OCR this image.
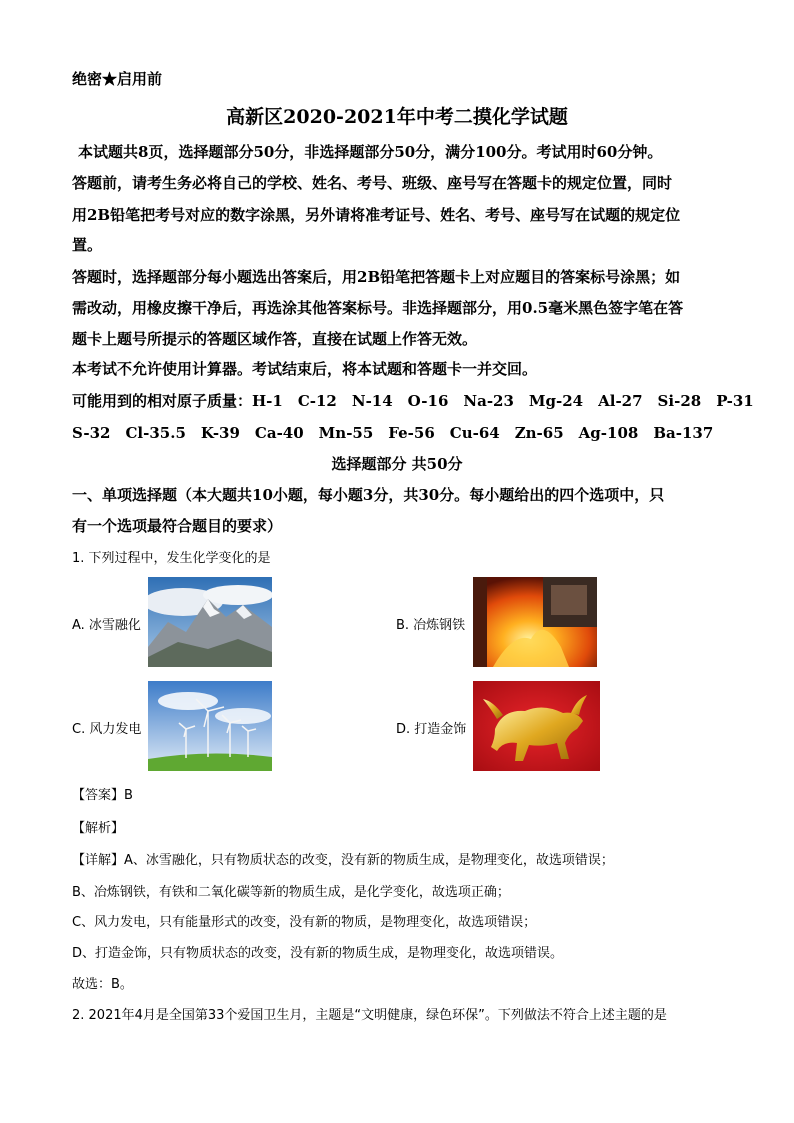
绝密★启用前
高新区2020-2021年中考二摸化学试题
本试题共8页，选择题部分50分，非选择题部分50分，满分100分。考试用时60分钟。
答题前，请考生务必将自己的学校、姓名、考号、班级、座号写在答题卡的规定位置，同时
用2B铅笔把考号对应的数字涂黑，另外请将准考证号、姓名、考号、座号写在试题的规定位
置。
答题时，选择题部分每小题选出答案后，用2B铅笔把答题卡上对应题目的答案标号涂黑；如
需改动，用橡皮擦干净后，再选涂其他答案标号。非选择题部分，用0.5毫米黑色签字笔在答
题卡上题号所提示的答题区域作答，直接在试题上作答无效。
本考试不允许使用计算器。考试结束后，将本试题和答题卡一并交回。
可能用到的相对原子质量：H-1　C-12　N-14　O-16　Na-23　Mg-24　Al-27　Si-28　P-31
S-32　Cl-35.5　K-39　Ca-40　Mn-55　Fe-56　Cu-64　Zn-65　Ag-108　Ba-137
选择题部分 共50分
一、单项选择题（本大题共10小题，每小题3分，共30分。每小题给出的四个选项中，只
有一个选项最符合题目的要求）
1. 下列过程中，发生化学变化的是
A. 冰雪融化	B. 冶炼钢铁
C. 风力发电	D. 打造金饰
【答案】B
【解析】
【详解】A、冰雪融化，只有物质状态的改变，没有新的物质生成，是物理变化，故选项错误；
B、冶炼钢铁，有铁和二氧化碳等新的物质生成，是化学变化，故选项正确；
C、风力发电，只有能量形式的改变，没有新的物质，是物理变化，故选项错误；
D、打造金饰，只有物质状态的改变，没有新的物质生成，是物理变化，故选项错误。
故选：B。
2. 2021年4月是全国第33个爱国卫生月，主题是“文明健康，绿色环保”。下列做法不符合上述主题的是
